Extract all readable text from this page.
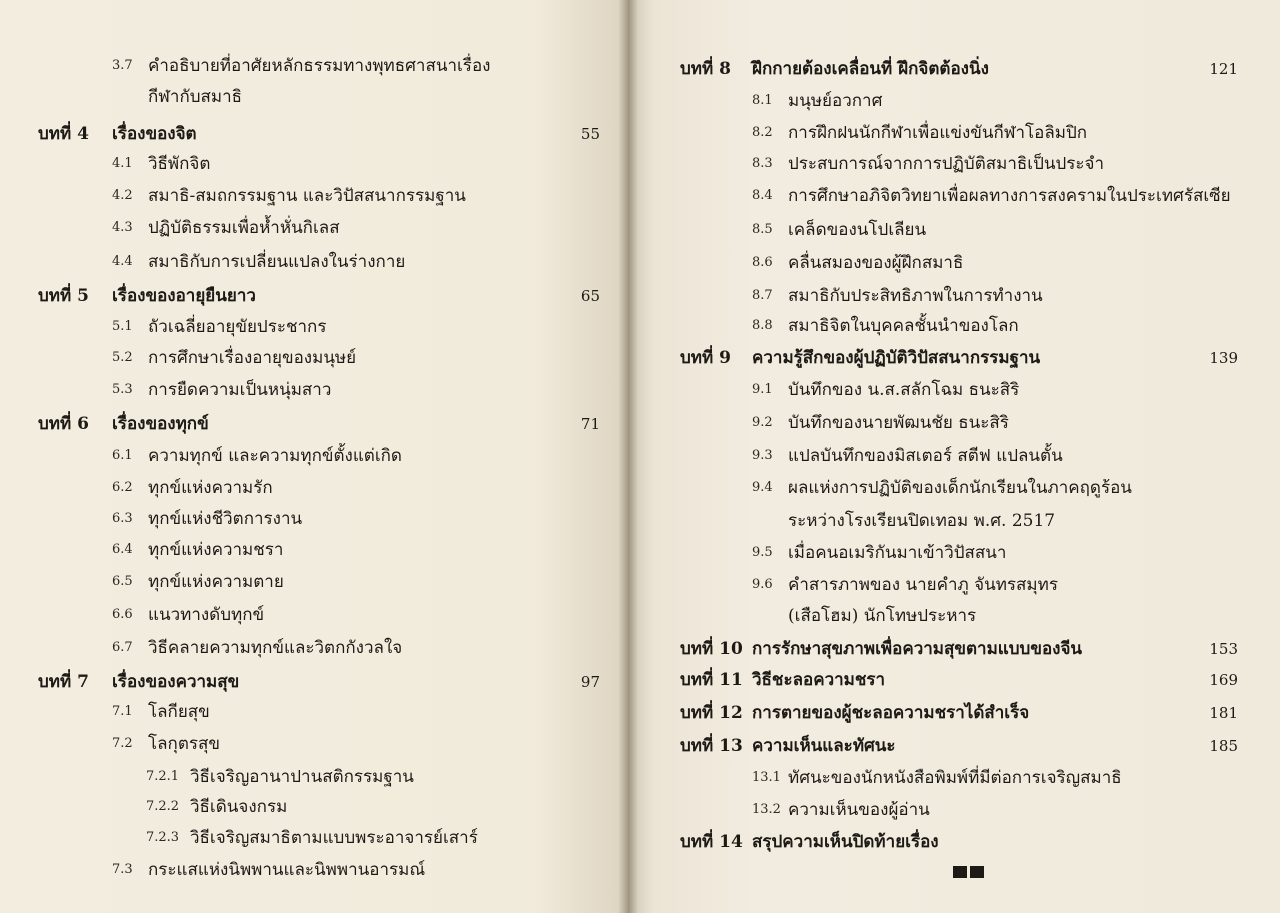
3.7 คำอธิบายที่อาศัยหลักธรรมทางพุทธศาสนาเรื่อง
กีฬากับสมาธิ
บทที่ 4 เรื่องของจิต	55
4.1 วิธีพักจิต
4.2 สมาธิ-สมถกรรมฐาน และวิปัสสนากรรมฐาน
4.3 ปฏิบัติธรรมเพื่อห้ำหั่นกิเลส
4.4 สมาธิกับการเปลี่ยนแปลงในร่างกาย
บทที่ 5 เรื่องของอายุยืนยาว	65
5.1 ถัวเฉลี่ยอายุขัยประชากร
5.2 การศึกษาเรื่องอายุของมนุษย์
5.3 การยืดความเป็นหนุ่มสาว
บทที่ 6 เรื่องของทุกข์	71
6.1 ความทุกข์ และความทุกข์ตั้งแต่เกิด
6.2 ทุกข์แห่งความรัก
6.3 ทุกข์แห่งชีวิตการงาน
6.4 ทุกข์แห่งความชรา
6.5 ทุกข์แห่งความตาย
6.6 แนวทางดับทุกข์
6.7 วิธีคลายความทุกข์และวิตกกังวลใจ
บทที่ 7 เรื่องของความสุข	97
7.1 โลกียสุข
7.2 โลกุตรสุข
7.2.1 วิธีเจริญอานาปานสติกรรมฐาน
7.2.2 วิธีเดินจงกรม
7.2.3 วิธีเจริญสมาธิตามแบบพระอาจารย์เสาร์
7.3 กระแสแห่งนิพพานและนิพพานอารมณ์

บทที่ 8 ฝึกกายต้องเคลื่อนที่ ฝึกจิตต้องนิ่ง	121
8.1 มนุษย์อวกาศ
8.2 การฝึกฝนนักกีฬาเพื่อแข่งขันกีฬาโอลิมปิก
8.3 ประสบการณ์จากการปฏิบัติสมาธิเป็นประจำ
8.4 การศึกษาอภิจิตวิทยาเพื่อผลทางการสงครามในประเทศรัสเซีย
8.5 เคล็ดของนโปเลียน
8.6 คลื่นสมองของผู้ฝึกสมาธิ
8.7 สมาธิกับประสิทธิภาพในการทำงาน
8.8 สมาธิจิตในบุคคลชั้นนำของโลก
บทที่ 9 ความรู้สึกของผู้ปฏิบัติวิปัสสนากรรมฐาน	139
9.1 บันทึกของ น.ส.สลักโฉม ธนะสิริ
9.2 บันทึกของนายพัฒนชัย ธนะสิริ
9.3 แปลบันทึกของมิสเตอร์ สตีฟ แปลนตั้น
9.4 ผลแห่งการปฏิบัติของเด็กนักเรียนในภาคฤดูร้อน
ระหว่างโรงเรียนปิดเทอม พ.ศ. 2517
9.5 เมื่อคนอเมริกันมาเข้าวิปัสสนา
9.6 คำสารภาพของ นายคำภู จันทรสมุทร
(เสือโฮม) นักโทษประหาร
บทที่ 10 การรักษาสุขภาพเพื่อความสุขตามแบบของจีน	153
บทที่ 11 วิธีชะลอความชรา	169
บทที่ 12 การตายของผู้ชะลอความชราได้สำเร็จ	181
บทที่ 13 ความเห็นและทัศนะ	185
13.1 ทัศนะของนักหนังสือพิมพ์ที่มีต่อการเจริญสมาธิ
13.2 ความเห็นของผู้อ่าน
บทที่ 14 สรุปความเห็นปิดท้ายเรื่อง
